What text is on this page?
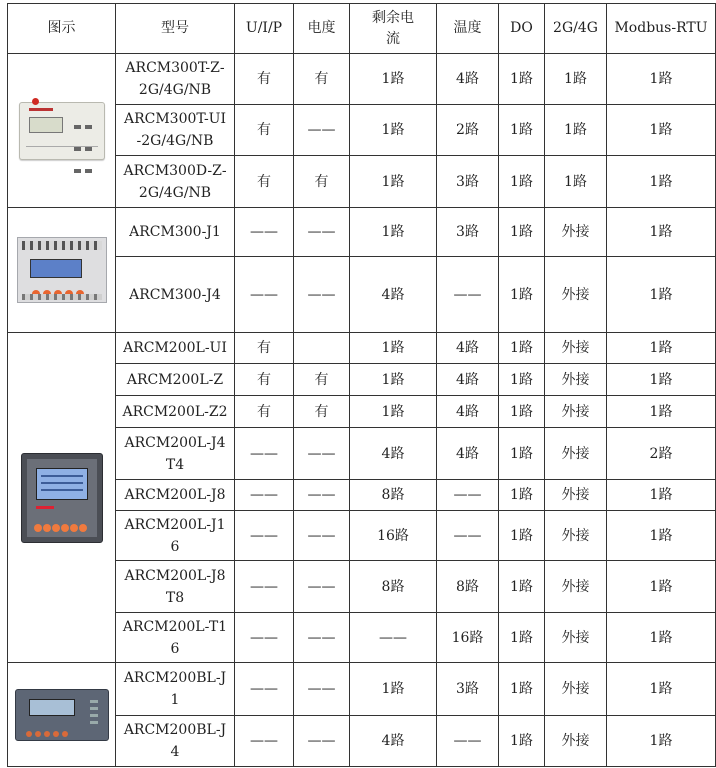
图示	型号	U/I/P	电度	剩余电
流	温度	DO	2G/4G	Modbus-RTU

	ARCM300T-Z-
2G/4G/NB	有	有	1路	4路	1路	1路	1路
	ARCM300T-UI
-2G/4G/NB	有	——	1路	2路	1路	1路	1路
	ARCM300D-Z-
2G/4G/NB	有	有	1路	3路	1路	1路	1路

	ARCM300-J1	——	——	1路	3路	1路	外接	1路
	ARCM300-J4	——	——	4路	——	1路	外接	1路

	ARCM200L-UI	有		1路	4路	1路	外接	1路
	ARCM200L-Z	有	有	1路	4路	1路	外接	1路
	ARCM200L-Z2	有	有	1路	4路	1路	外接	1路
	ARCM200L-J4
T4	——	——	4路	4路	1路	外接	2路
	ARCM200L-J8	——	——	8路	——	1路	外接	1路
	ARCM200L-J1
6	——	——	16路	——	1路	外接	1路
	ARCM200L-J8
T8	——	——	8路	8路	1路	外接	1路
	ARCM200L-T1
6	——	——	——	16路	1路	外接	1路

	ARCM200BL-J
1	——	——	1路	3路	1路	外接	1路
	ARCM200BL-J
4	——	——	4路	——	1路	外接	1路
